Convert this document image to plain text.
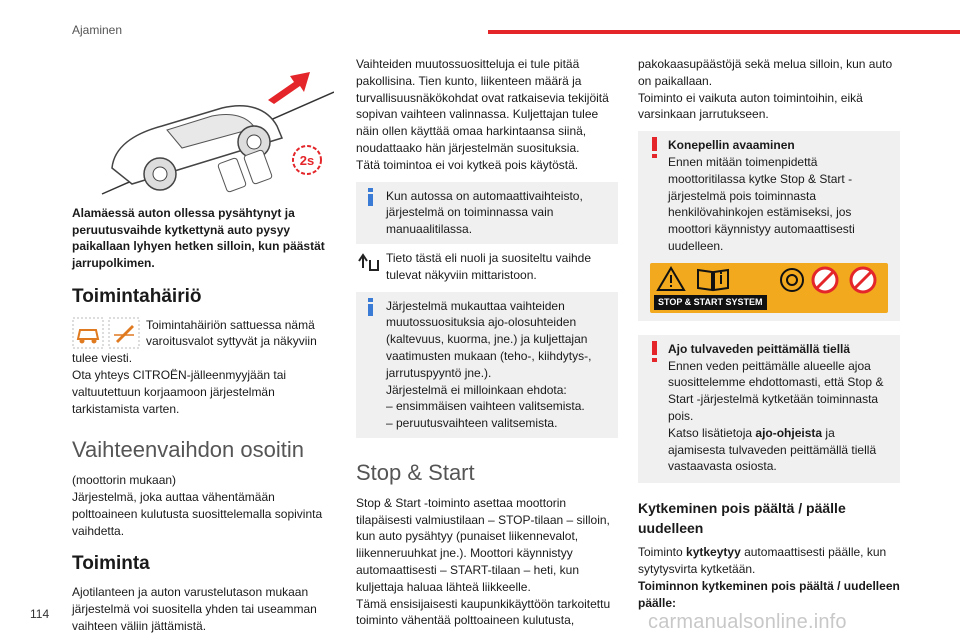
Ajaminen
2s

Alamäessä auton ollessa pysähtynyt ja peruutusvaihde kytkettynä auto pysyy paikallaan lyhyen hetken silloin, kun päästät jarrupolkimen.

Toimintahäiriö

Toimintahäiriön sattuessa nämä varoitusvalot syttyvät ja näkyviin tulee viesti.

Ota yhteys CITROËN-jälleenmyyjään tai valtuutettuun korjaamoon järjestelmän tarkistamista varten.

Vaihteenvaihdon osoitin

(moottorin mukaan)
Järjestelmä, joka auttaa vähentämään polttoaineen kulutusta suosittelemalla sopivinta vaihdetta.

Toiminta

Ajotilanteen ja auton varustelutason mukaan järjestelmä voi suositella yhden tai useamman vaihteen väliin jättämistä.

Vaihteiden muutossuositteluja ei tule pitää pakollisina. Tien kunto, liikenteen määrä ja turvallisuusnäkökohdat ovat ratkaisevia tekijöitä sopivan vaihteen valinnassa. Kuljettajan tulee näin ollen käyttää omaa harkintaansa siinä, noudattaako hän järjestelmän suosituksia.
Tätä toimintoa ei voi kytkeä pois käytöstä.

Kun autossa on automaattivaihteisto, järjestelmä on toiminnassa vain manuaalitilassa.

Tieto tästä eli nuoli ja suositeltu vaihde tulevat näkyviin mittaristoon.

Järjestelmä mukauttaa vaihteiden muutossuosituksia ajo-olosuhteiden (kaltevuus, kuorma, jne.) ja kuljettajan vaatimusten mukaan (teho-, kiihdytys-, jarrutuspyyntö jne.).
Järjestelmä ei milloinkaan ehdota:
– ensimmäisen vaihteen valitsemista.
– peruutusvaihteen valitsemista.

Stop & Start

Stop & Start -toiminto asettaa moottorin tilapäisesti valmiustilaan – STOP-tilaan – silloin, kun auto pysähtyy (punaiset liikennevalot, liikenneruuhkat jne.). Moottori käynnistyy automaattisesti – START-tilaan – heti, kun kuljettaja haluaa lähteä liikkeelle.
Tämä ensisijaisesti kaupunkikäyttöön tarkoitettu toiminto vähentää polttoaineen kulutusta,

pakokaasupäästöjä sekä melua silloin, kun auto on paikallaan.
Toiminto ei vaikuta auton toimintoihin, eikä varsinkaan jarrutukseen.

Konepellin avaaminen

Ennen mitään toimenpidettä moottoritilassa kytke Stop & Start -järjestelmä pois toiminnasta henkilövahinkojen estämiseksi, jos moottori käynnistyy automaattisesti uudelleen.

STOP & START SYSTEM

Ajo tulvaveden peittämällä tiellä

Ennen veden peittämälle alueelle ajoa suosittelemme ehdottomasti, että Stop & Start -järjestelmä kytketään toiminnasta pois.
Katso lisätietoja ajo-ohjeista ja ajamisesta tulvaveden peittämällä tiellä vastaavasta osiosta.

Kytkeminen pois päältä / päälle uudelleen

Toiminto kytkeytyy automaattisesti päälle, kun sytytysvirta kytketään.

Toiminnon kytkeminen pois päältä / uudelleen päälle:

114	carmanualsonline.info
